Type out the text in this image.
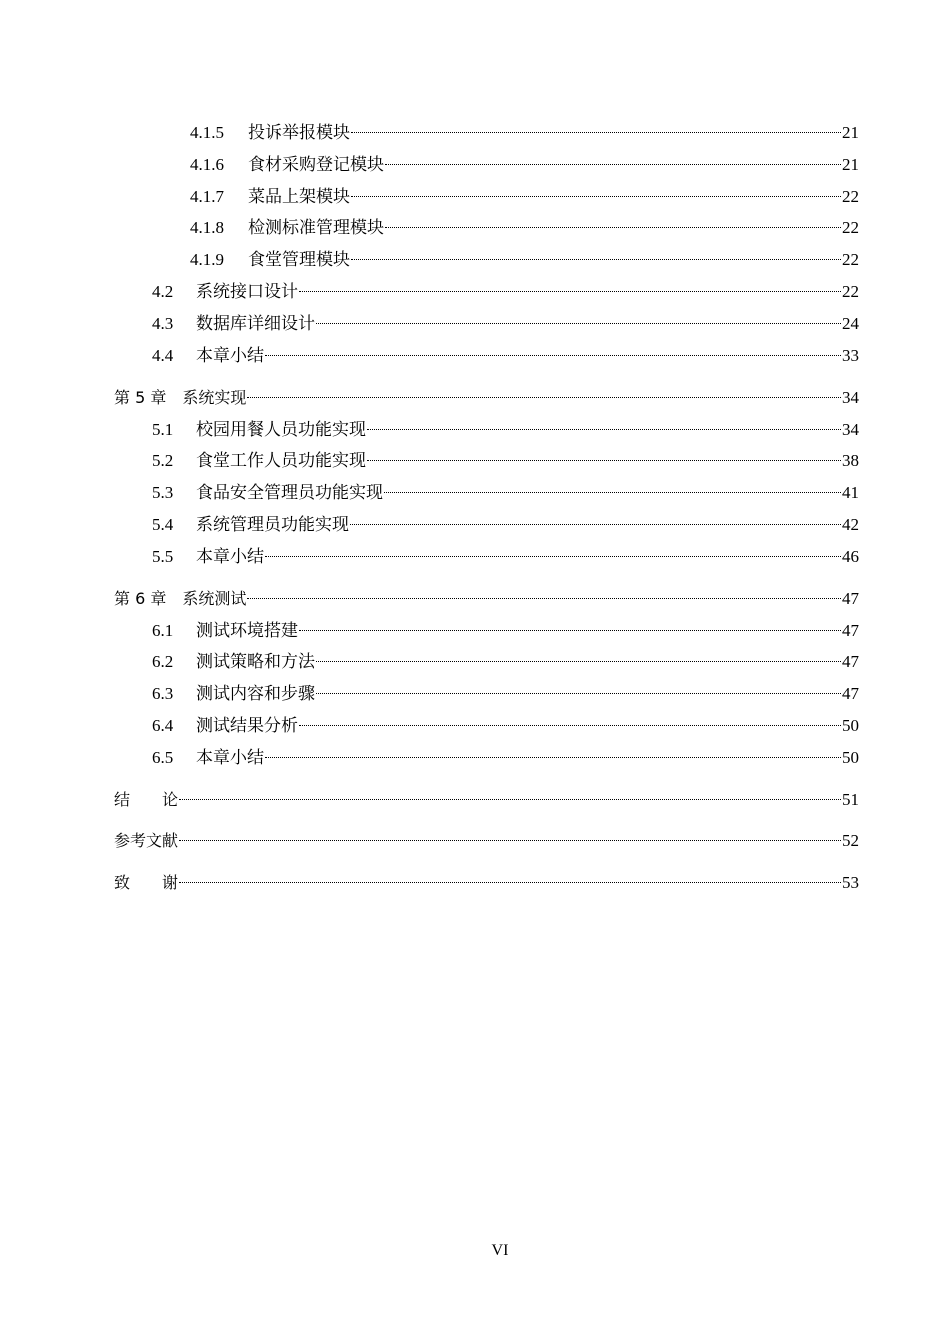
4.1.5	投诉举报模块	21
4.1.6	食材采购登记模块	21
4.1.7	菜品上架模块	22
4.1.8	检测标准管理模块	22
4.1.9	食堂管理模块	22
4.2	系统接口设计	22
4.3	数据库详细设计	24
4.4	本章小结	33
第 5 章　系统实现	34
5.1	校园用餐人员功能实现	34
5.2	食堂工作人员功能实现	38
5.3	食品安全管理员功能实现	41
5.4	系统管理员功能实现	42
5.5	本章小结	46
第 6 章　系统测试	47
6.1	测试环境搭建	47
6.2	测试策略和方法	47
6.3	测试内容和步骤	47
6.4	测试结果分析	50
6.5	本章小结	50
结　　论	51
参考文献	52
致　　谢	53
VI
